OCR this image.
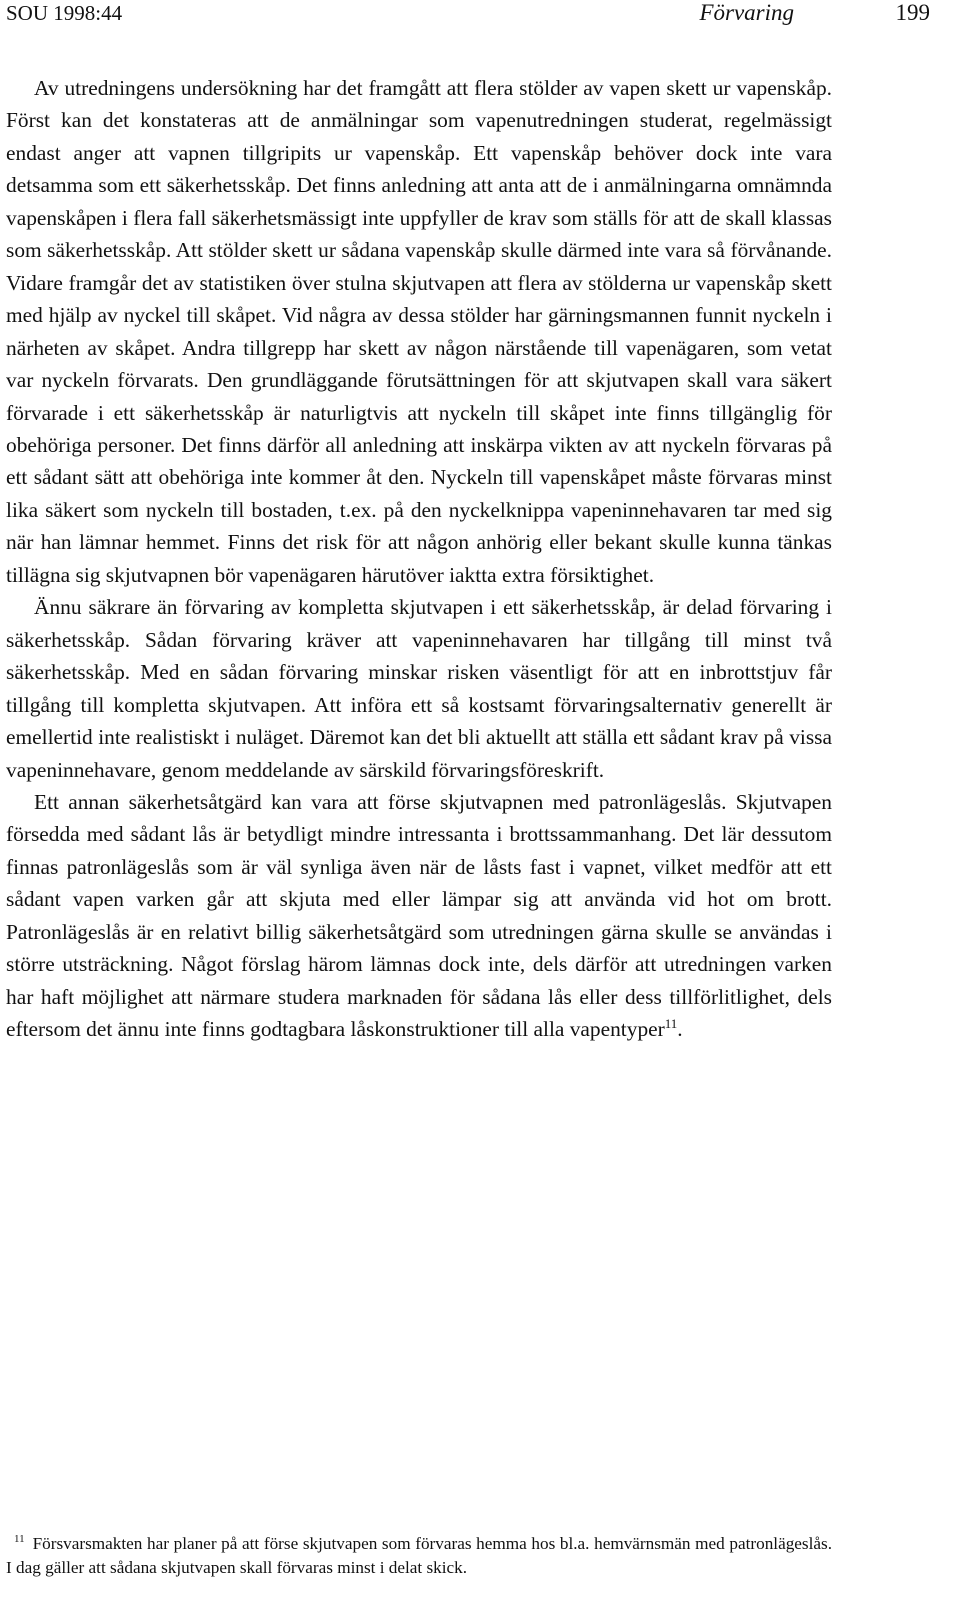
SOU 1998:44	Förvaring	199

Av utredningens undersökning har det framgått att flera stölder av vapen skett ur vapenskåp. Först kan det konstateras att de anmälningar som vapenutredningen studerat, regelmässigt endast anger att vapnen tillgripits ur vapenskåp. Ett vapenskåp behöver dock inte vara detsamma som ett säkerhetsskåp. Det finns anledning att anta att de i anmälningarna omnämnda vapenskåpen i flera fall säkerhetsmässigt inte uppfyller de krav som ställs för att de skall klassas som säkerhetsskåp. Att stölder skett ur sådana vapenskåp skulle därmed inte vara så förvånande. Vidare framgår det av statistiken över stulna skjutvapen att flera av stölderna ur vapenskåp skett med hjälp av nyckel till skåpet. Vid några av dessa stölder har gärningsmannen funnit nyckeln i närheten av skåpet. Andra tillgrepp har skett av någon närstående till vapenägaren, som vetat var nyckeln förvarats. Den grundläggande förutsättningen för att skjutvapen skall vara säkert förvarade i ett säkerhetsskåp är naturligtvis att nyckeln till skåpet inte finns tillgänglig för obehöriga personer. Det finns därför all anledning att inskärpa vikten av att nyckeln förvaras på ett sådant sätt att obehöriga inte kommer åt den. Nyckeln till vapenskåpet måste förvaras minst lika säkert som nyckeln till bostaden, t.ex. på den nyckelknippa vapeninnehavaren tar med sig när han lämnar hemmet. Finns det risk för att någon anhörig eller bekant skulle kunna tänkas tillägna sig skjutvapnen bör vapenägaren härutöver iaktta extra försiktighet.

Ännu säkrare än förvaring av kompletta skjutvapen i ett säkerhetsskåp, är delad förvaring i säkerhetsskåp. Sådan förvaring kräver att vapeninnehavaren har tillgång till minst två säkerhetsskåp. Med en sådan förvaring minskar risken väsentligt för att en inbrottstjuv får tillgång till kompletta skjutvapen. Att införa ett så kostsamt förvaringsalternativ generellt är emellertid inte realistiskt i nuläget. Däremot kan det bli aktuellt att ställa ett sådant krav på vissa vapeninnehavare, genom meddelande av särskild förvaringsföreskrift.

Ett annan säkerhetsåtgärd kan vara att förse skjutvapnen med patronlägeslås. Skjutvapen försedda med sådant lås är betydligt mindre intressanta i brottssammanhang. Det lär dessutom finnas patronlägeslås som är väl synliga även när de låsts fast i vapnet, vilket medför att ett sådant vapen varken går att skjuta med eller lämpar sig att använda vid hot om brott. Patronlägeslås är en relativt billig säkerhetsåtgärd som utredningen gärna skulle se användas i större utsträckning. Något förslag härom lämnas dock inte, dels därför att utredningen varken har haft möjlighet att närmare studera marknaden för sådana lås eller dess tillförlitlighet, dels eftersom det ännu inte finns godtagbara låskonstruktioner till alla vapentyper$^{11}$.

$^{11}$ Försvarsmakten har planer på att förse skjutvapen som förvaras hemma hos bl.a. hemvärnsmän med patronlägeslås. I dag gäller att sådana skjutvapen skall förvaras minst i delat skick.
